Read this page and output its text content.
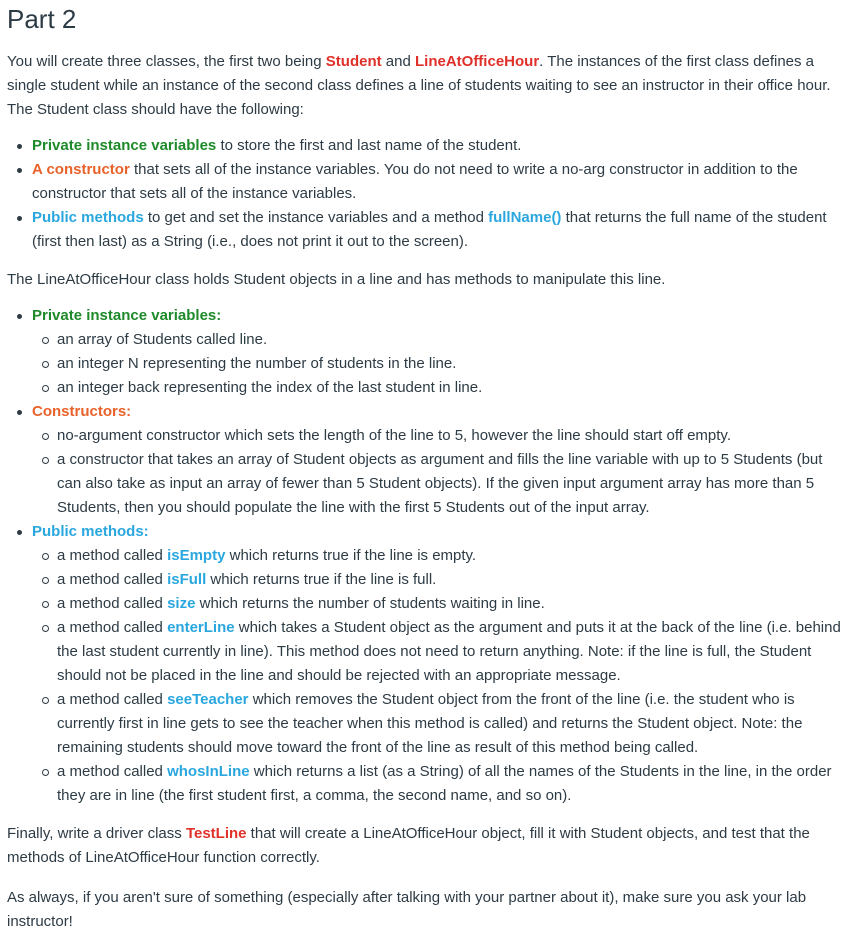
Part 2

You will create three classes, the first two being Student and LineAtOfficeHour. The instances of the first class defines a single student while an instance of the second class defines a line of students waiting to see an instructor in their office hour. The Student class should have the following:

Private instance variables to store the first and last name of the student.
A constructor that sets all of the instance variables. You do not need to write a no-arg constructor in addition to the constructor that sets all of the instance variables.
Public methods to get and set the instance variables and a method fullName() that returns the full name of the student (first then last) as a String (i.e., does not print it out to the screen).

The LineAtOfficeHour class holds Student objects in a line and has methods to manipulate this line.

Private instance variables:
an array of Students called line.
an integer N representing the number of students in the line.
an integer back representing the index of the last student in line.
Constructors:
no-argument constructor which sets the length of the line to 5, however the line should start off empty.
a constructor that takes an array of Student objects as argument and fills the line variable with up to 5 Students (but can also take as input an array of fewer than 5 Student objects). If the given input argument array has more than 5 Students, then you should populate the line with the first 5 Students out of the input array.
Public methods:
a method called isEmpty which returns true if the line is empty.
a method called isFull which returns true if the line is full.
a method called size which returns the number of students waiting in line.
a method called enterLine which takes a Student object as the argument and puts it at the back of the line (i.e. behind the last student currently in line). This method does not need to return anything. Note: if the line is full, the Student should not be placed in the line and should be rejected with an appropriate message.
a method called seeTeacher which removes the Student object from the front of the line (i.e. the student who is currently first in line gets to see the teacher when this method is called) and returns the Student object. Note: the remaining students should move toward the front of the line as result of this method being called.
a method called whosInLine which returns a list (as a String) of all the names of the Students in the line, in the order they are in line (the first student first, a comma, the second name, and so on).

Finally, write a driver class TestLine that will create a LineAtOfficeHour object, fill it with Student objects, and test that the methods of LineAtOfficeHour function correctly.

As always, if you aren't sure of something (especially after talking with your partner about it), make sure you ask your lab instructor!
